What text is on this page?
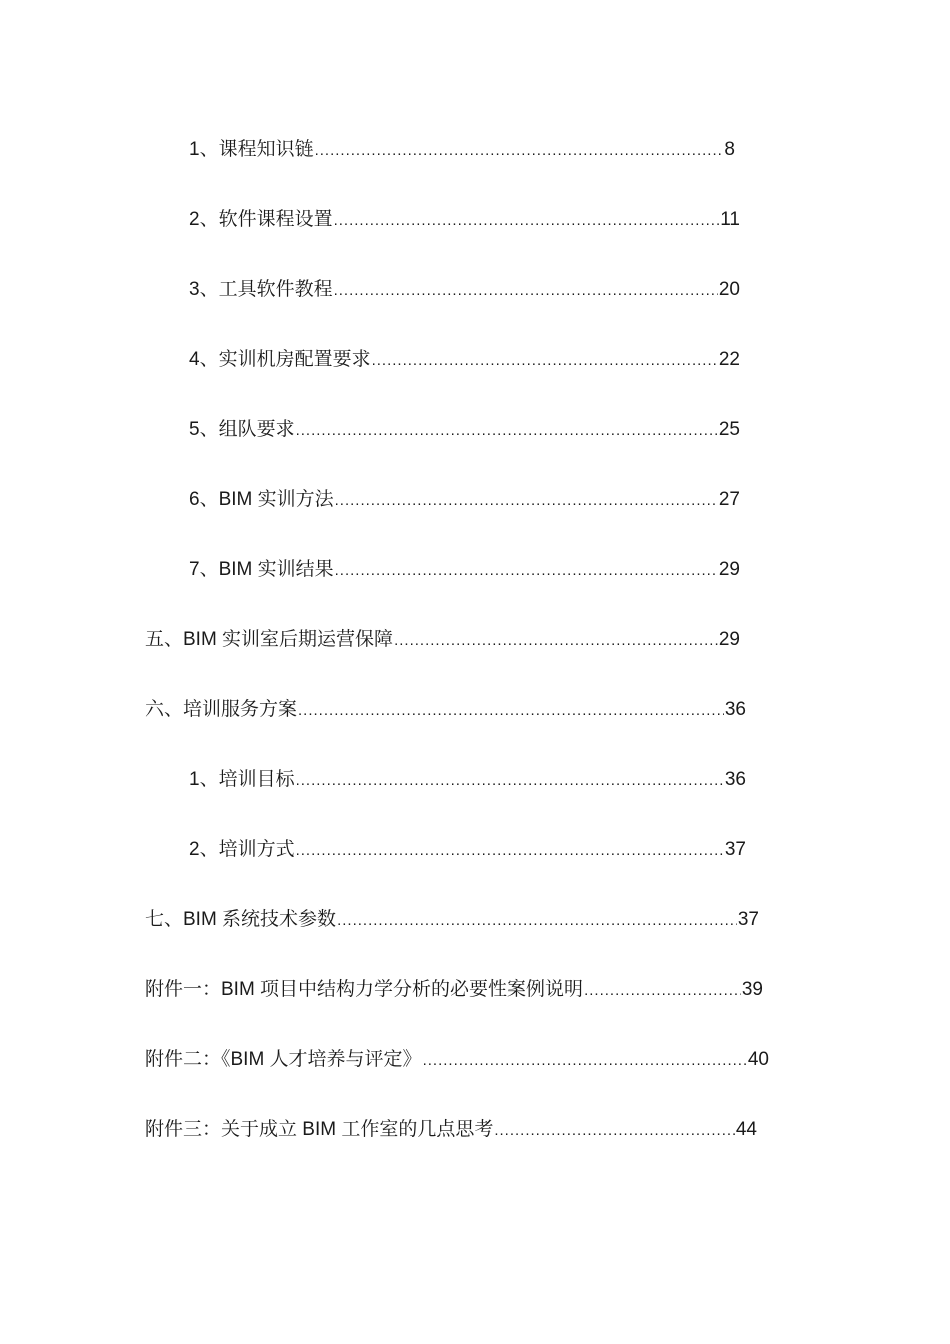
1、课程知识链 .....	8
2、软件课程设置 .....	11
3、工具软件教程 .....	20
4、实训机房配置要求 .....	22
5、组队要求 .....	25
6、BIM 实训方法 .....	27
7、BIM 实训结果 .....	29
五、BIM 实训室后期运营保障 .....	29
六、培训服务方案 .....	36
1、培训目标 .....	36
2、培训方式 .....	37
七、BIM 系统技术参数 .....	37
附件一：BIM 项目中结构力学分析的必要性案例说明 .....	39
附件二：《BIM 人才培养与评定》 .....	40
附件三：关于成立 BIM 工作室的几点思考 .....	44
